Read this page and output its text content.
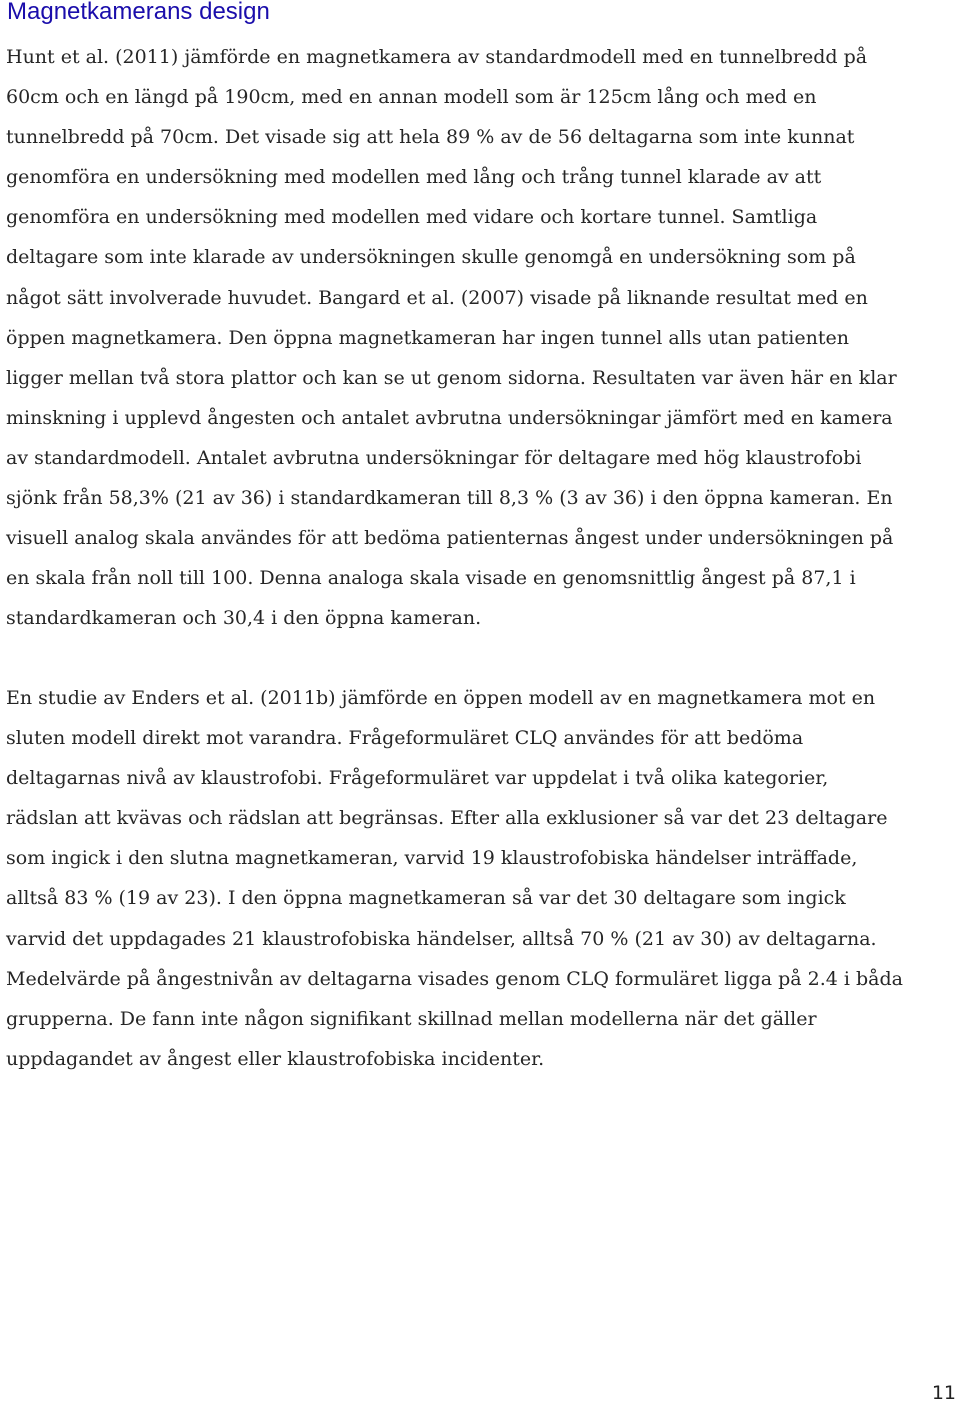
Magnetkamerans design

Hunt et al. (2011) jämförde en magnetkamera av standardmodell med en tunnelbredd på
60cm och en längd på 190cm, med en annan modell som är 125cm lång och med en
tunnelbredd på 70cm. Det visade sig att hela 89 % av de 56 deltagarna som inte kunnat
genomföra en undersökning med modellen med lång och trång tunnel klarade av att
genomföra en undersökning med modellen med vidare och kortare tunnel. Samtliga
deltagare som inte klarade av undersökningen skulle genomgå en undersökning som på
något sätt involverade huvudet. Bangard et al. (2007) visade på liknande resultat med en
öppen magnetkamera. Den öppna magnetkameran har ingen tunnel alls utan patienten
ligger mellan två stora plattor och kan se ut genom sidorna. Resultaten var även här en klar
minskning i upplevd ångesten och antalet avbrutna undersökningar jämfört med en kamera
av standardmodell. Antalet avbrutna undersökningar för deltagare med hög klaustrofobi
sjönk från 58,3% (21 av 36) i standardkameran till 8,3 % (3 av 36) i den öppna kameran. En
visuell analog skala användes för att bedöma patienternas ångest under undersökningen på
en skala från noll till 100. Denna analoga skala visade en genomsnittlig ångest på 87,1 i
standardkameran och 30,4 i den öppna kameran.

En studie av Enders et al. (2011b) jämförde en öppen modell av en magnetkamera mot en
sluten modell direkt mot varandra. Frågeformuläret CLQ användes för att bedöma
deltagarnas nivå av klaustrofobi. Frågeformuläret var uppdelat i två olika kategorier,
rädslan att kvävas och rädslan att begränsas. Efter alla exklusioner så var det 23 deltagare
som ingick i den slutna magnetkameran, varvid 19 klaustrofobiska händelser inträffade,
alltså 83 % (19 av 23). I den öppna magnetkameran så var det 30 deltagare som ingick
varvid det uppdagades 21 klaustrofobiska händelser, alltså 70 % (21 av 30) av deltagarna.
Medelvärde på ångestnivån av deltagarna visades genom CLQ formuläret ligga på 2.4 i båda
grupperna. De fann inte någon signifikant skillnad mellan modellerna när det gäller
uppdagandet av ångest eller klaustrofobiska incidenter.

11
